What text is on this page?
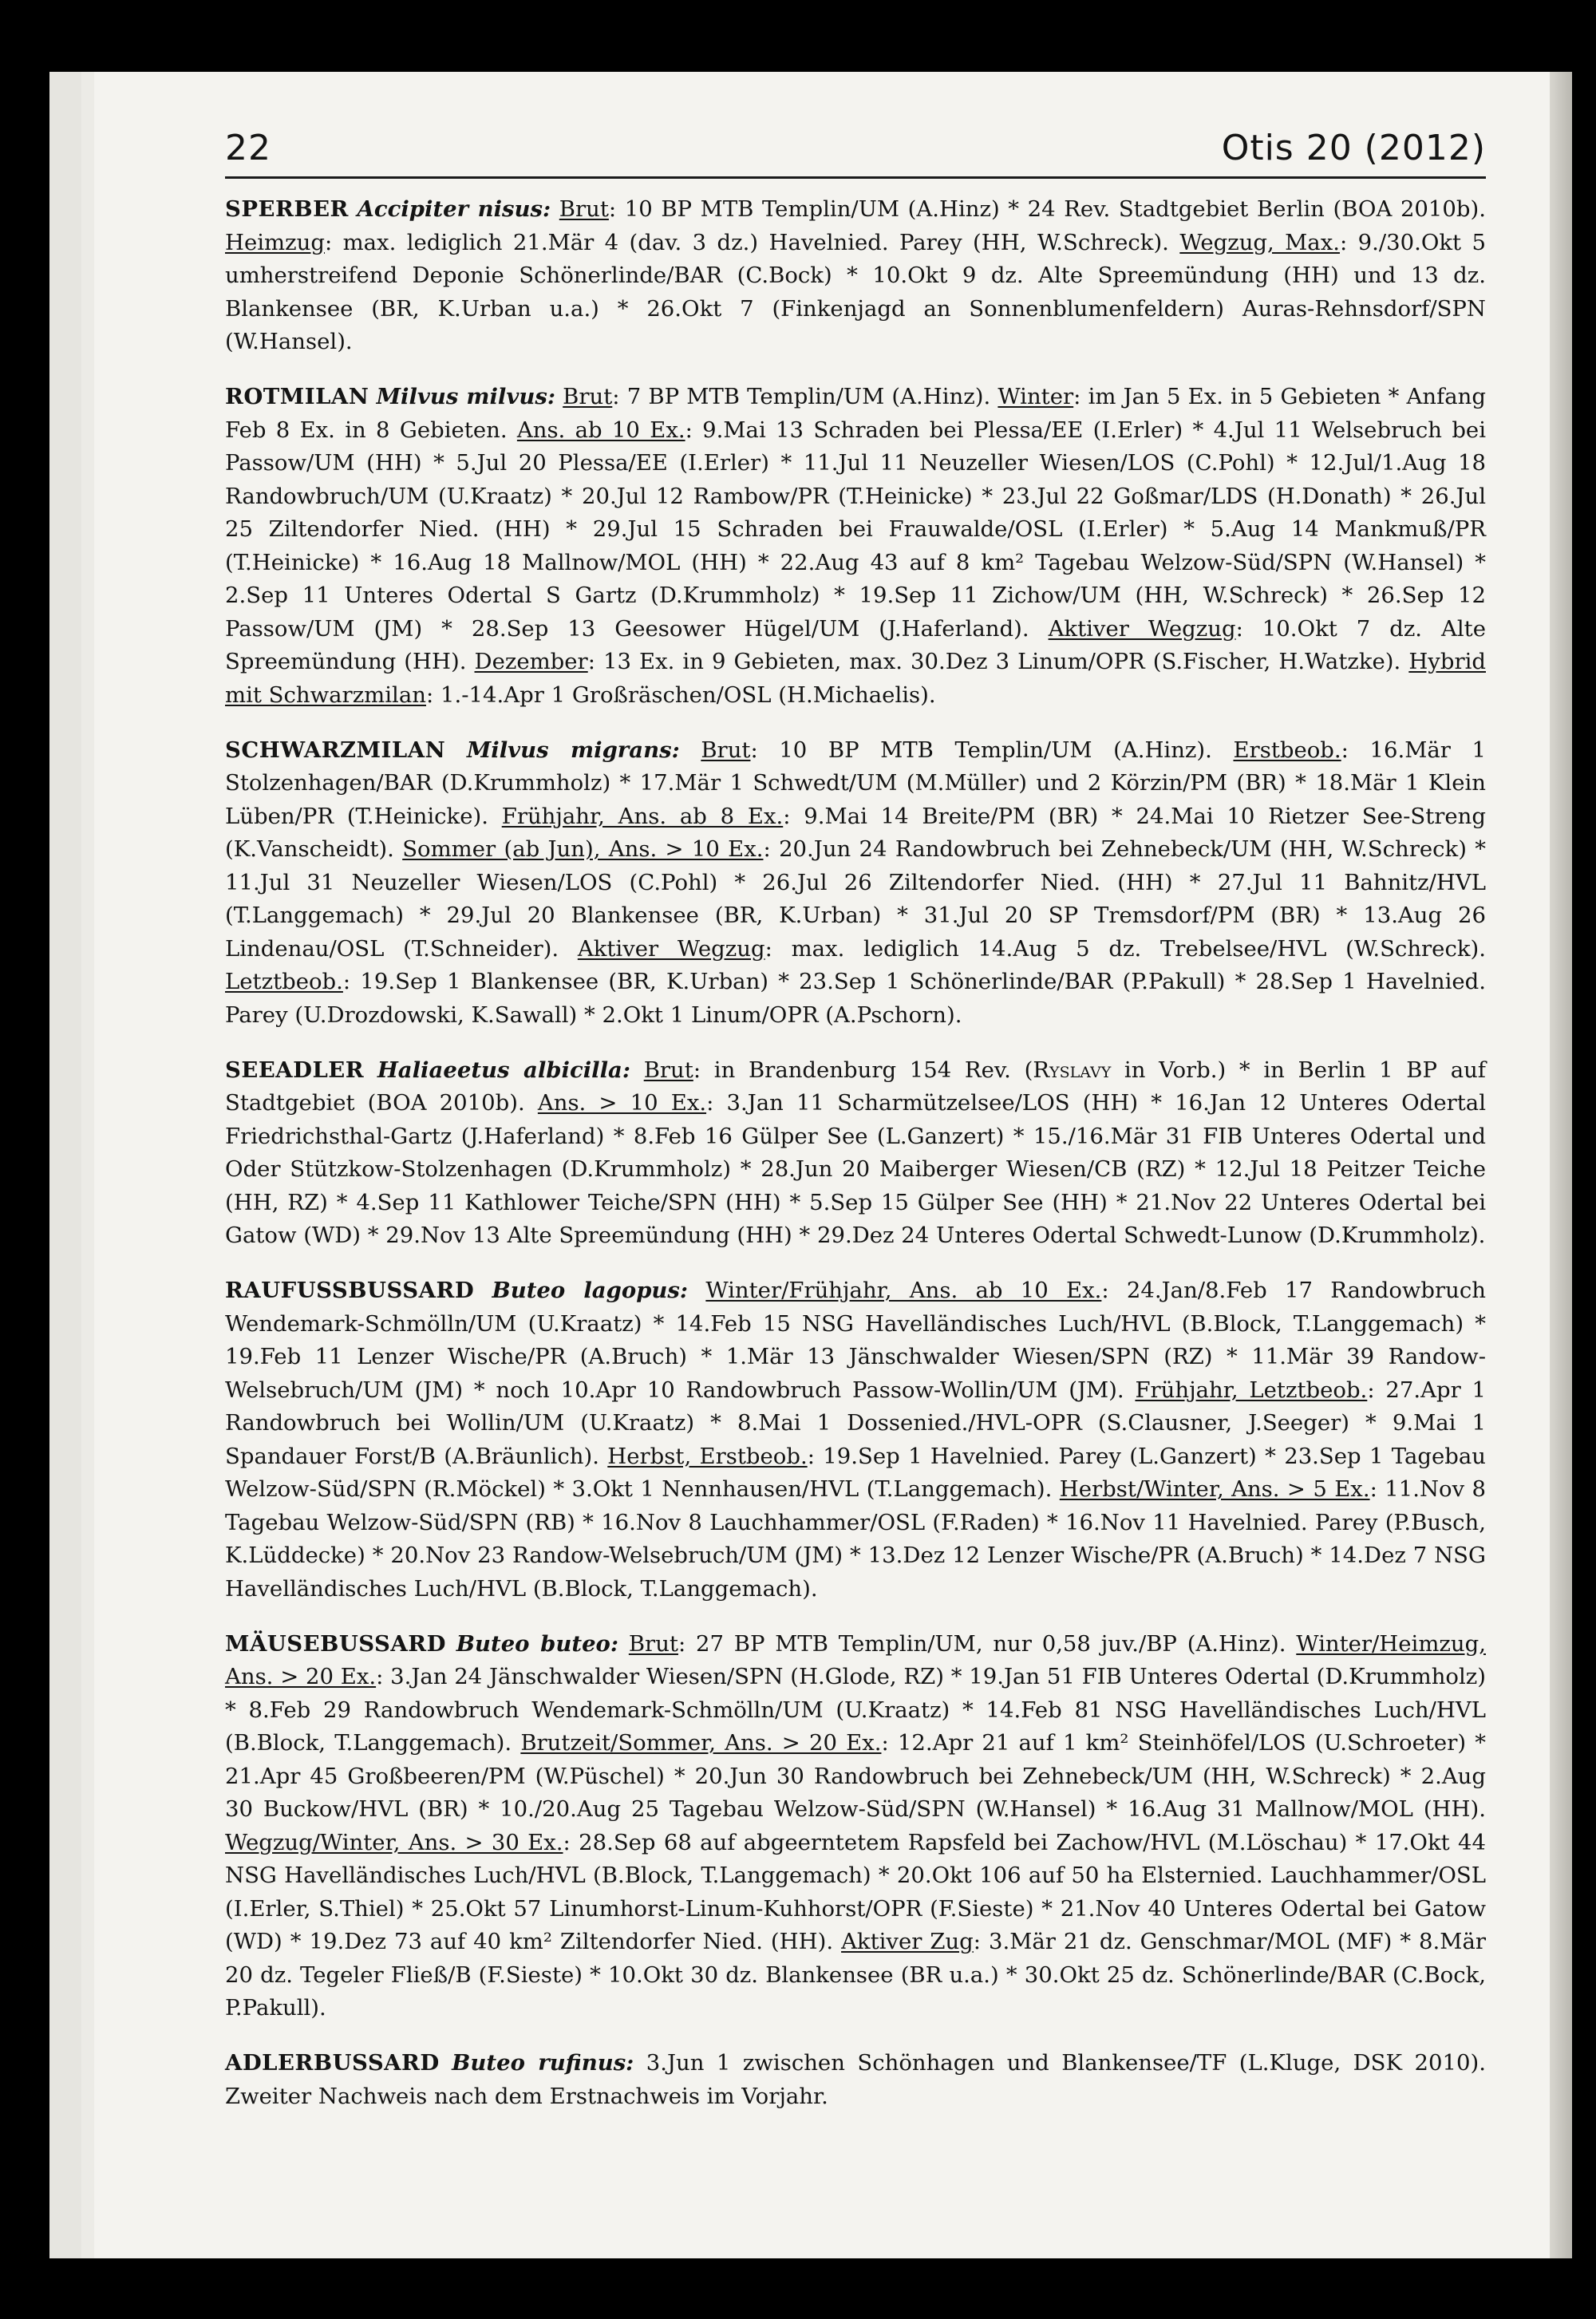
22	Otis 20 (2012)

SPERBER Accipiter nisus: Brut: 10 BP MTB Templin/UM (A.Hinz) * 24 Rev. Stadtgebiet Berlin (BOA 2010b). Heimzug: max. lediglich 21.Mär 4 (dav. 3 dz.) Havelnied. Parey (HH, W.Schreck). Wegzug, Max.: 9./30.Okt 5 umherstreifend Deponie Schönerlinde/BAR (C.Bock) * 10.Okt 9 dz. Alte Spreemündung (HH) und 13 dz. Blankensee (BR, K.Urban u.a.) * 26.Okt 7 (Finkenjagd an Sonnenblumenfeldern) Auras-Rehnsdorf/SPN (W.Hansel).

ROTMILAN Milvus milvus: Brut: 7 BP MTB Templin/UM (A.Hinz). Winter: im Jan 5 Ex. in 5 Gebieten * Anfang Feb 8 Ex. in 8 Gebieten. Ans. ab 10 Ex.: 9.Mai 13 Schraden bei Plessa/EE (I.Erler) * 4.Jul 11 Welsebruch bei Passow/UM (HH) * 5.Jul 20 Plessa/EE (I.Erler) * 11.Jul 11 Neuzeller Wiesen/LOS (C.Pohl) * 12.Jul/1.Aug 18 Randowbruch/UM (U.Kraatz) * 20.Jul 12 Rambow/PR (T.Heinicke) * 23.Jul 22 Goßmar/LDS (H.Donath) * 26.Jul 25 Ziltendorfer Nied. (HH) * 29.Jul 15 Schraden bei Frauwalde/OSL (I.Erler) * 5.Aug 14 Mankmuß/PR (T.Heinicke) * 16.Aug 18 Mallnow/MOL (HH) * 22.Aug 43 auf 8 km² Tagebau Welzow-Süd/SPN (W.Hansel) * 2.Sep 11 Unteres Odertal S Gartz (D.Krummholz) * 19.Sep 11 Zichow/UM (HH, W.Schreck) * 26.Sep 12 Passow/UM (JM) * 28.Sep 13 Geesower Hügel/UM (J.Haferland). Aktiver Wegzug: 10.Okt 7 dz. Alte Spreemündung (HH). Dezember: 13 Ex. in 9 Gebieten, max. 30.Dez 3 Linum/OPR (S.Fischer, H.Watzke). Hybrid mit Schwarzmilan: 1.-14.Apr 1 Großräschen/OSL (H.Michaelis).

SCHWARZMILAN Milvus migrans: Brut: 10 BP MTB Templin/UM (A.Hinz). Erstbeob.: 16.Mär 1 Stolzenhagen/BAR (D.Krummholz) * 17.Mär 1 Schwedt/UM (M.Müller) und 2 Körzin/PM (BR) * 18.Mär 1 Klein Lüben/PR (T.Heinicke). Frühjahr, Ans. ab 8 Ex.: 9.Mai 14 Breite/PM (BR) * 24.Mai 10 Rietzer See-Streng (K.Vanscheidt). Sommer (ab Jun), Ans. > 10 Ex.: 20.Jun 24 Randowbruch bei Zehnebeck/UM (HH, W.Schreck) * 11.Jul 31 Neuzeller Wiesen/LOS (C.Pohl) * 26.Jul 26 Ziltendorfer Nied. (HH) * 27.Jul 11 Bahnitz/HVL (T.Langgemach) * 29.Jul 20 Blankensee (BR, K.Urban) * 31.Jul 20 SP Tremsdorf/PM (BR) * 13.Aug 26 Lindenau/OSL (T.Schneider). Aktiver Wegzug: max. lediglich 14.Aug 5 dz. Trebelsee/HVL (W.Schreck). Letztbeob.: 19.Sep 1 Blankensee (BR, K.Urban) * 23.Sep 1 Schönerlinde/BAR (P.Pakull) * 28.Sep 1 Havelnied. Parey (U.Drozdowski, K.Sawall) * 2.Okt 1 Linum/OPR (A.Pschorn).

SEEADLER Haliaeetus albicilla: Brut: in Brandenburg 154 Rev. (Ryslavy in Vorb.) * in Berlin 1 BP auf Stadtgebiet (BOA 2010b). Ans. > 10 Ex.: 3.Jan 11 Scharmützelsee/LOS (HH) * 16.Jan 12 Unteres Odertal Friedrichsthal-Gartz (J.Haferland) * 8.Feb 16 Gülper See (L.Ganzert) * 15./16.Mär 31 FIB Unteres Odertal und Oder Stützkow-Stolzenhagen (D.Krummholz) * 28.Jun 20 Maiberger Wiesen/CB (RZ) * 12.Jul 18 Peitzer Teiche (HH, RZ) * 4.Sep 11 Kathlower Teiche/SPN (HH) * 5.Sep 15 Gülper See (HH) * 21.Nov 22 Unteres Odertal bei Gatow (WD) * 29.Nov 13 Alte Spreemündung (HH) * 29.Dez 24 Unteres Odertal Schwedt-Lunow (D.Krummholz).

RAUFUSSBUSSARD Buteo lagopus: Winter/Frühjahr, Ans. ab 10 Ex.: 24.Jan/8.Feb 17 Randowbruch Wendemark-Schmölln/UM (U.Kraatz) * 14.Feb 15 NSG Havelländisches Luch/HVL (B.Block, T.Langgemach) * 19.Feb 11 Lenzer Wische/PR (A.Bruch) * 1.Mär 13 Jänschwalder Wiesen/SPN (RZ) * 11.Mär 39 Randow-Welsebruch/UM (JM) * noch 10.Apr 10 Randowbruch Passow-Wollin/UM (JM). Frühjahr, Letztbeob.: 27.Apr 1 Randowbruch bei Wollin/UM (U.Kraatz) * 8.Mai 1 Dossenied./HVL-OPR (S.Clausner, J.Seeger) * 9.Mai 1 Spandauer Forst/B (A.Bräunlich). Herbst, Erstbeob.: 19.Sep 1 Havelnied. Parey (L.Ganzert) * 23.Sep 1 Tagebau Welzow-Süd/SPN (R.Möckel) * 3.Okt 1 Nennhausen/HVL (T.Langgemach). Herbst/Winter, Ans. > 5 Ex.: 11.Nov 8 Tagebau Welzow-Süd/SPN (RB) * 16.Nov 8 Lauchhammer/OSL (F.Raden) * 16.Nov 11 Havelnied. Parey (P.Busch, K.Lüddecke) * 20.Nov 23 Randow-Welsebruch/UM (JM) * 13.Dez 12 Lenzer Wische/PR (A.Bruch) * 14.Dez 7 NSG Havelländisches Luch/HVL (B.Block, T.Langgemach).

MÄUSEBUSSARD Buteo buteo: Brut: 27 BP MTB Templin/UM, nur 0,58 juv./BP (A.Hinz). Winter/Heimzug, Ans. > 20 Ex.: 3.Jan 24 Jänschwalder Wiesen/SPN (H.Glode, RZ) * 19.Jan 51 FIB Unteres Odertal (D.Krummholz) * 8.Feb 29 Randowbruch Wendemark-Schmölln/UM (U.Kraatz) * 14.Feb 81 NSG Havelländisches Luch/HVL (B.Block, T.Langgemach). Brutzeit/Sommer, Ans. > 20 Ex.: 12.Apr 21 auf 1 km² Steinhöfel/LOS (U.Schroeter) * 21.Apr 45 Großbeeren/PM (W.Püschel) * 20.Jun 30 Randowbruch bei Zehnebeck/UM (HH, W.Schreck) * 2.Aug 30 Buckow/HVL (BR) * 10./20.Aug 25 Tagebau Welzow-Süd/SPN (W.Hansel) * 16.Aug 31 Mallnow/MOL (HH). Wegzug/Winter, Ans. > 30 Ex.: 28.Sep 68 auf abgeerntetem Rapsfeld bei Zachow/HVL (M.Löschau) * 17.Okt 44 NSG Havelländisches Luch/HVL (B.Block, T.Langgemach) * 20.Okt 106 auf 50 ha Elsternied. Lauchhammer/OSL (I.Erler, S.Thiel) * 25.Okt 57 Linumhorst-Linum-Kuhhorst/OPR (F.Sieste) * 21.Nov 40 Unteres Odertal bei Gatow (WD) * 19.Dez 73 auf 40 km² Ziltendorfer Nied. (HH). Aktiver Zug: 3.Mär 21 dz. Genschmar/MOL (MF) * 8.Mär 20 dz. Tegeler Fließ/B (F.Sieste) * 10.Okt 30 dz. Blankensee (BR u.a.) * 30.Okt 25 dz. Schönerlinde/BAR (C.Bock, P.Pakull).

ADLERBUSSARD Buteo rufinus: 3.Jun 1 zwischen Schönhagen und Blankensee/TF (L.Kluge, DSK 2010). Zweiter Nachweis nach dem Erstnachweis im Vorjahr.
